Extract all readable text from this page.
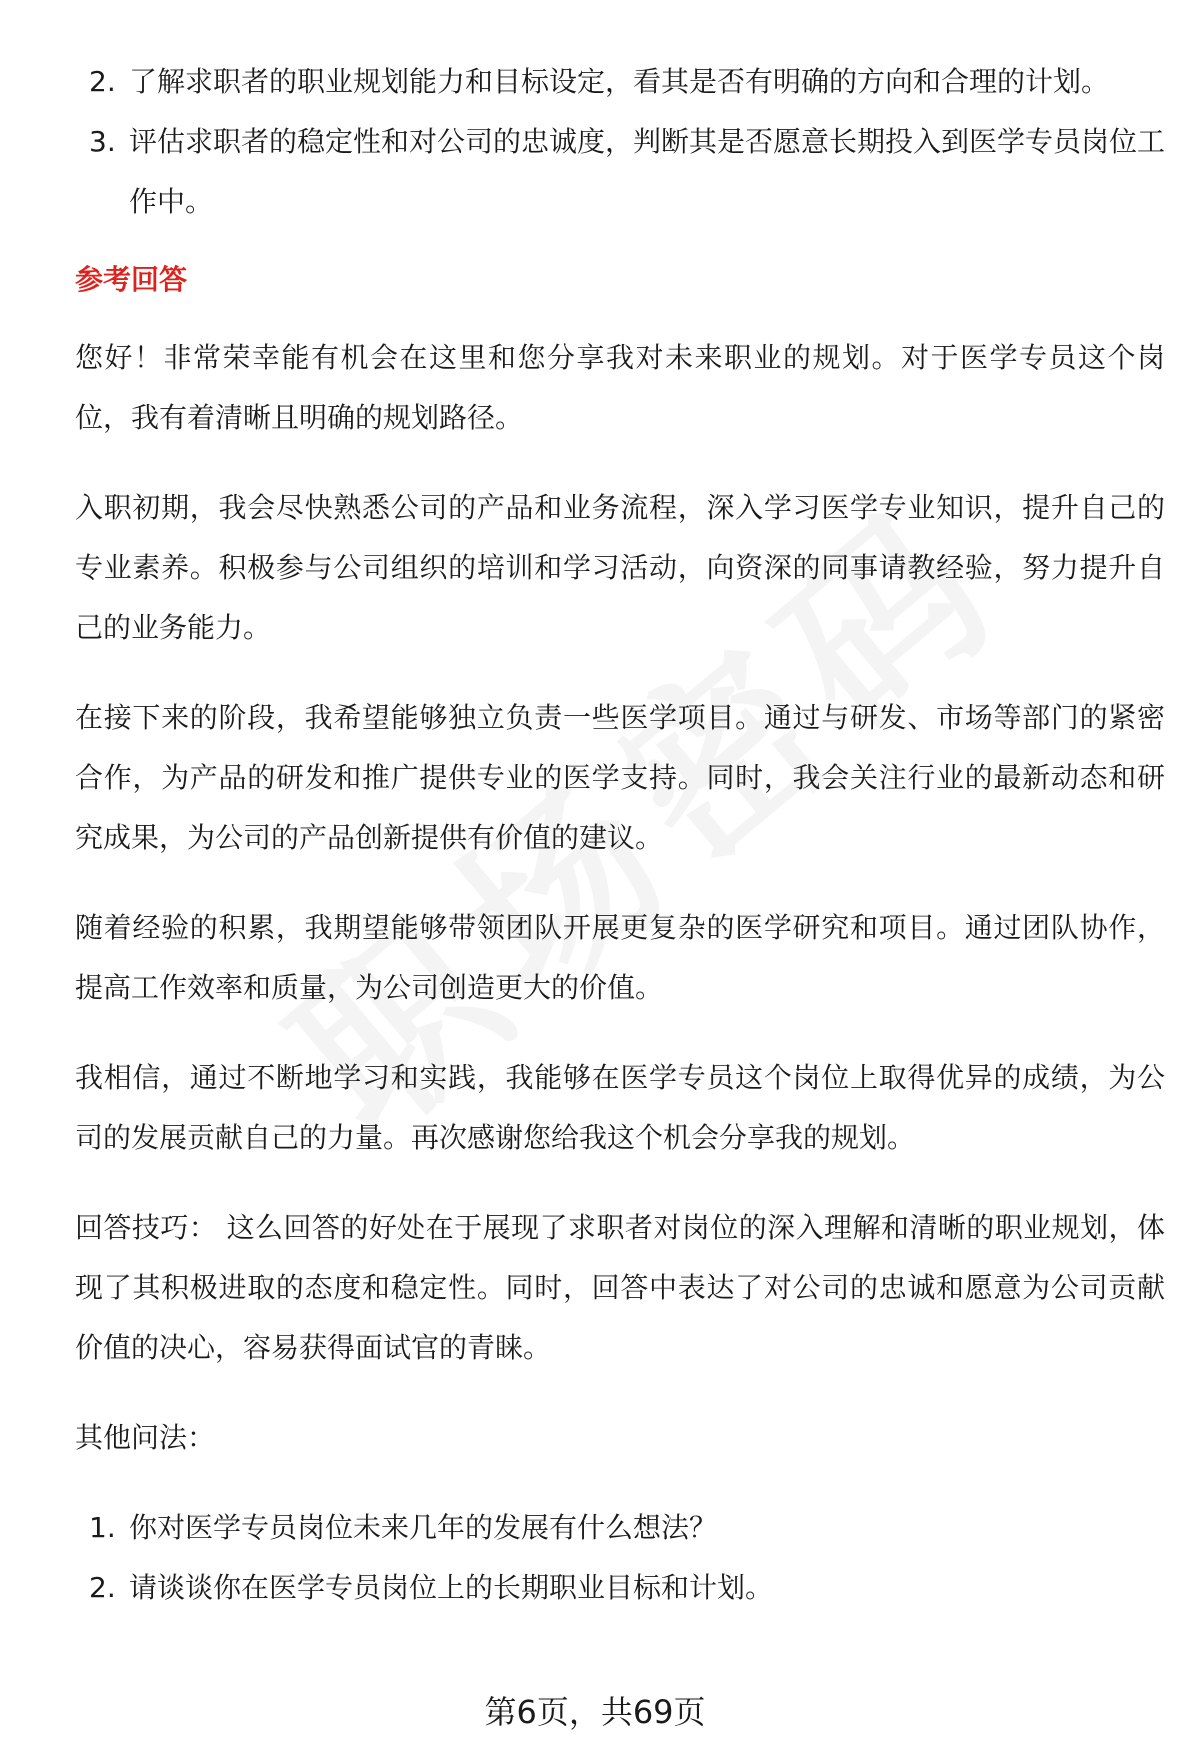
2. 了解求职者的职业规划能力和目标设定，看其是否有明确的方向和合理的计划。
3. 评估求职者的稳定性和对公司的忠诚度，判断其是否愿意长期投入到医学专员岗位工作中。
参考回答

您好！非常荣幸能有机会在这里和您分享我对未来职业的规划。对于医学专员这个岗位，我有着清晰且明确的规划路径。

入职初期，我会尽快熟悉公司的产品和业务流程，深入学习医学专业知识，提升自己的专业素养。积极参与公司组织的培训和学习活动，向资深的同事请教经验，努力提升自己的业务能力。

在接下来的阶段，我希望能够独立负责一些医学项目。通过与研发、市场等部门的紧密合作，为产品的研发和推广提供专业的医学支持。同时，我会关注行业的最新动态和研究成果，为公司的产品创新提供有价值的建议。

随着经验的积累，我期望能够带领团队开展更复杂的医学研究和项目。通过团队协作，提高工作效率和质量，为公司创造更大的价值。

我相信，通过不断地学习和实践，我能够在医学专员这个岗位上取得优异的成绩，为公司的发展贡献自己的力量。再次感谢您给我这个机会分享我的规划。

回答技巧： 这么回答的好处在于展现了求职者对岗位的深入理解和清晰的职业规划，体现了其积极进取的态度和稳定性。同时，回答中表达了对公司的忠诚和愿意为公司贡献价值的决心，容易获得面试官的青睐。

其他问法：

1. 你对医学专员岗位未来几年的发展有什么想法？
2. 请谈谈你在医学专员岗位上的长期职业目标和计划。
第6页，共69页
